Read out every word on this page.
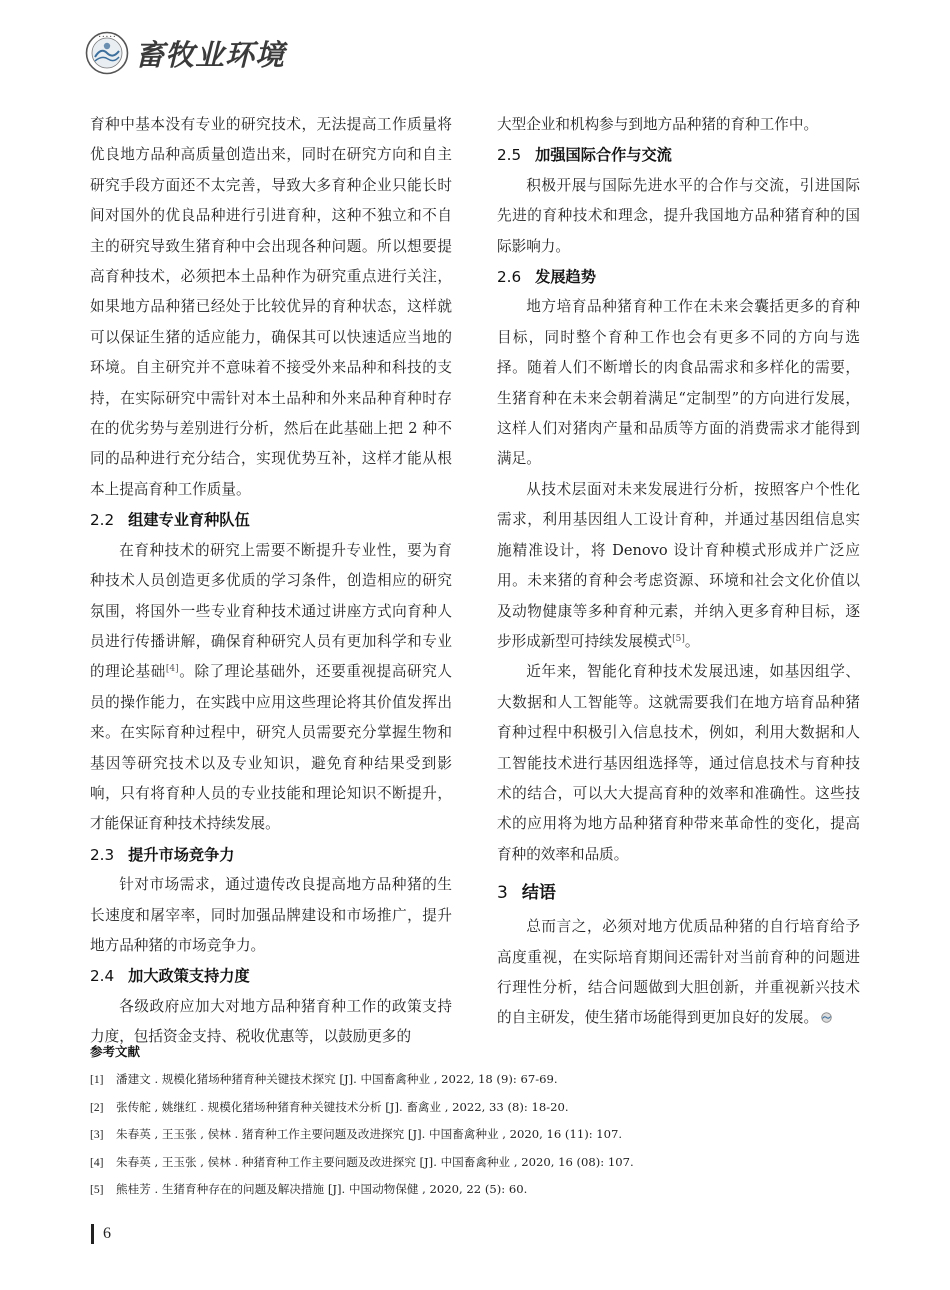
• • • • •
畜牧业环境

育种中基本没有专业的研究技术，无法提高工作质量将优良地方品种高质量创造出来，同时在研究方向和自主研究手段方面还不太完善，导致大多育种企业只能长时间对国外的优良品种进行引进育种，这种不独立和不自主的研究导致生猪育种中会出现各种问题。所以想要提高育种技术，必须把本土品种作为研究重点进行关注，如果地方品种猪已经处于比较优异的育种状态，这样就可以保证生猪的适应能力，确保其可以快速适应当地的环境。自主研究并不意味着不接受外来品种和科技的支持，在实际研究中需针对本土品种和外来品种育种时存在的优劣势与差别进行分析，然后在此基础上把 2 种不同的品种进行充分结合，实现优势互补，这样才能从根本上提高育种工作质量。

2.2 组建专业育种队伍

在育种技术的研究上需要不断提升专业性，要为育种技术人员创造更多优质的学习条件，创造相应的研究氛围，将国外一些专业育种技术通过讲座方式向育种人员进行传播讲解，确保育种研究人员有更加科学和专业的理论基础[4]。除了理论基础外，还要重视提高研究人员的操作能力，在实践中应用这些理论将其价值发挥出来。在实际育种过程中，研究人员需要充分掌握生物和基因等研究技术以及专业知识，避免育种结果受到影响，只有将育种人员的专业技能和理论知识不断提升，才能保证育种技术持续发展。

2.3 提升市场竞争力

针对市场需求，通过遗传改良提高地方品种猪的生长速度和屠宰率，同时加强品牌建设和市场推广，提升地方品种猪的市场竞争力。

2.4 加大政策支持力度

各级政府应加大对地方品种猪育种工作的政策支持力度，包括资金支持、税收优惠等，以鼓励更多的

大型企业和机构参与到地方品种猪的育种工作中。

2.5 加强国际合作与交流

积极开展与国际先进水平的合作与交流，引进国际先进的育种技术和理念，提升我国地方品种猪育种的国际影响力。

2.6 发展趋势

地方培育品种猪育种工作在未来会囊括更多的育种目标，同时整个育种工作也会有更多不同的方向与选择。随着人们不断增长的肉食品需求和多样化的需要，生猪育种在未来会朝着满足“定制型”的方向进行发展，这样人们对猪肉产量和品质等方面的消费需求才能得到满足。

从技术层面对未来发展进行分析，按照客户个性化需求，利用基因组人工设计育种，并通过基因组信息实施精准设计，将 Denovo 设计育种模式形成并广泛应用。未来猪的育种会考虑资源、环境和社会文化价值以及动物健康等多种育种元素，并纳入更多育种目标，逐步形成新型可持续发展模式[5]。

近年来，智能化育种技术发展迅速，如基因组学、大数据和人工智能等。这就需要我们在地方培育品种猪育种过程中积极引入信息技术，例如，利用大数据和人工智能技术进行基因组选择等，通过信息技术与育种技术的结合，可以大大提高育种的效率和准确性。这些技术的应用将为地方品种猪育种带来革命性的变化，提高育种的效率和品质。

3 结语

总而言之，必须对地方优质品种猪的自行培育给予高度重视，在实际培育期间还需针对当前育种的问题进行理性分析，结合问题做到大胆创新，并重视新兴技术的自主研发，使生猪市场能得到更加良好的发展。

参考文献
[1]	潘建文 . 规模化猪场种猪育种关键技术探究 [J]. 中国畜禽种业 , 2022, 18 (9): 67-69.
[2]	张传舵 , 姚继红 . 规模化猪场种猪育种关键技术分析 [J]. 畜禽业 , 2022, 33 (8): 18-20.
[3]	朱春英 , 王玉张 , 侯林 . 猪育种工作主要问题及改进探究 [J]. 中国畜禽种业 , 2020, 16 (11): 107.
[4]	朱春英 , 王玉张 , 侯林 . 种猪育种工作主要问题及改进探究 [J]. 中国畜禽种业 , 2020, 16 (08): 107.
[5]	熊桂芳 . 生猪育种存在的问题及解决措施 [J]. 中国动物保健 , 2020, 22 (5): 60.
6
